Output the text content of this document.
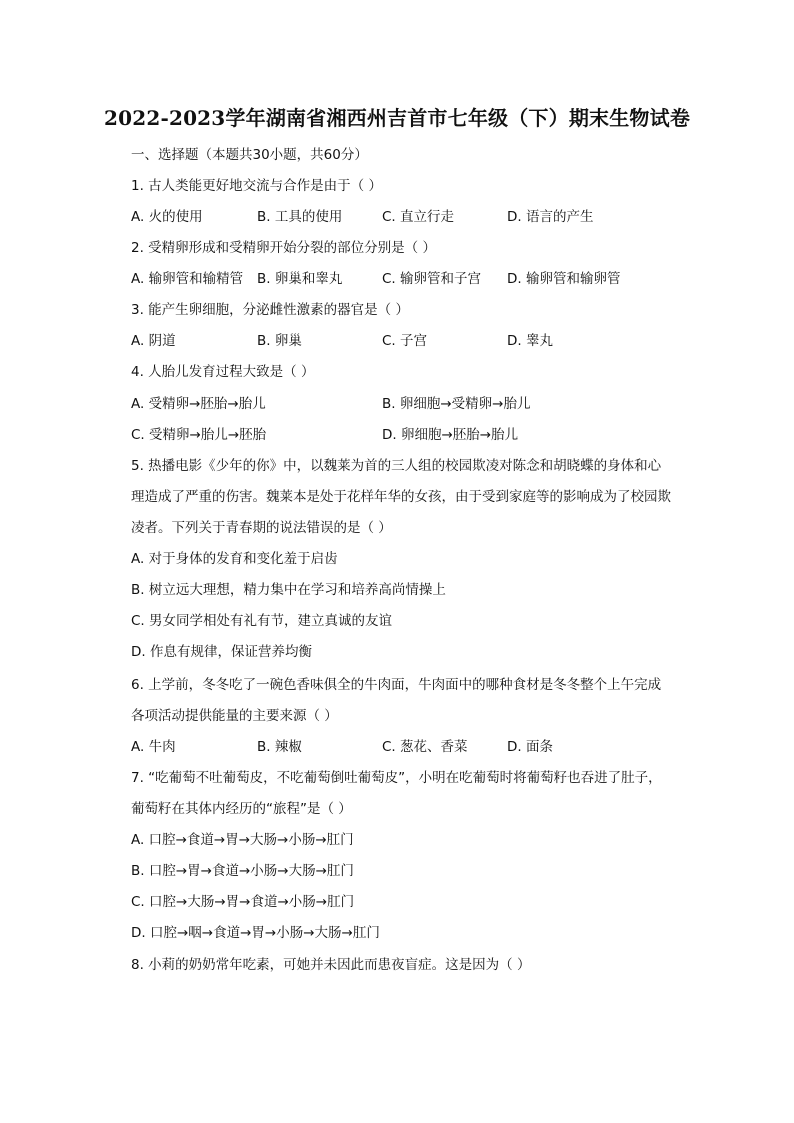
2022-2023学年湖南省湘西州吉首市七年级（下）期末生物试卷
一、选择题（本题共30小题，共60分）
1. 古人类能更好地交流与合作是由于（ ）
A. 火的使用	B. 工具的使用	C. 直立行走	D. 语言的产生
2. 受精卵形成和受精卵开始分裂的部位分别是（ ）
A. 输卵管和输精管 B. 卵巢和睾丸	C. 输卵管和子宫 D. 输卵管和输卵管
3. 能产生卵细胞，分泌雌性激素的器官是（ ）
A. 阴道	B. 卵巢	C. 子宫	D. 睾丸
4. 人胎儿发育过程大致是（ ）
A. 受精卵→胚胎→胎儿	B. 卵细胞→受精卵→胎儿
C. 受精卵→胎儿→胚胎	D. 卵细胞→胚胎→胎儿
5. 热播电影《少年的你》中，以魏莱为首的三人组的校园欺凌对陈念和胡晓蝶的身体和心
理造成了严重的伤害。魏莱本是处于花样年华的女孩，由于受到家庭等的影响成为了校园欺
凌者。下列关于青春期的说法错误的是（ ）
A. 对于身体的发育和变化羞于启齿
B. 树立远大理想，精力集中在学习和培养高尚情操上
C. 男女同学相处有礼有节，建立真诚的友谊
D. 作息有规律，保证营养均衡
6. 上学前，冬冬吃了一碗色香味俱全的牛肉面，牛肉面中的哪种食材是冬冬整个上午完成
各项活动提供能量的主要来源（ ）
A. 牛肉	B. 辣椒	C. 葱花、香菜	D. 面条
7. “吃葡萄不吐葡萄皮，不吃葡萄倒吐葡萄皮”，小明在吃葡萄时将葡萄籽也吞进了肚子，
葡萄籽在其体内经历的“旅程”是（ ）
A. 口腔→食道→胃→大肠→小肠→肛门
B. 口腔→胃→食道→小肠→大肠→肛门
C. 口腔→大肠→胃→食道→小肠→肛门
D. 口腔→咽→食道→胃→小肠→大肠→肛门
8. 小莉的奶奶常年吃素，可她并未因此而患夜盲症。这是因为（ ）
